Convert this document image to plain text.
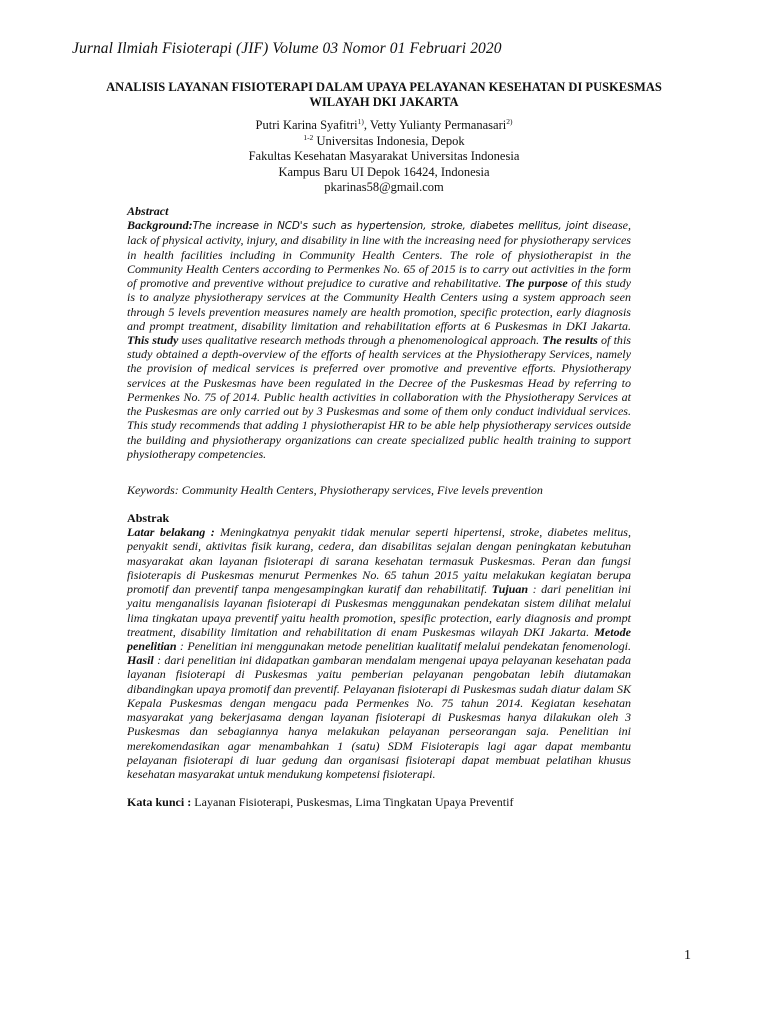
Jurnal Ilmiah Fisioterapi (JIF) Volume 03 Nomor 01 Februari 2020
ANALISIS LAYANAN FISIOTERAPI DALAM UPAYA PELAYANAN KESEHATAN DI PUSKESMAS
WILAYAH DKI JAKARTA
Putri Karina Syafitri$^{1)}$, Vetty Yulianty Permanasari$^{2)}$
$^{1-2}$ Universitas Indonesia, Depok
Fakultas Kesehatan Masyarakat Universitas Indonesia
Kampus Baru UI Depok 16424, Indonesia
pkarinas58@gmail.com
Abstract
Background:The increase in NCD's such as hypertension, stroke, diabetes mellitus, joint disease, lack of physical activity, injury, and disability in line with the increasing need for physiotherapy services in health facilities including in Community Health Centers. The role of physiotherapist in the Community Health Centers according to Permenkes No. 65 of 2015 is to carry out activities in the form of promotive and preventive without prejudice to curative and rehabilitative. The purpose of this study is to analyze physiotherapy services at the Community Health Centers using a system approach seen through 5 levels prevention measures namely are health promotion, specific protection, early diagnosis and prompt treatment, disability limitation and rehabilitation efforts at 6 Puskesmas in DKI Jakarta. This study uses qualitative research methods through a phenomenological approach. The results of this study obtained a depth-overview of the efforts of health services at the Physiotherapy Services, namely the provision of medical services is preferred over promotive and preventive efforts. Physiotherapy services at the Puskesmas have been regulated in the Decree of the Puskesmas Head by referring to Permenkes No. 75 of 2014. Public health activities in collaboration with the Physiotherapy Services at the Puskesmas are only carried out by 3 Puskesmas and some of them only conduct individual services. This study recommends that adding 1 physiotherapist HR to be able help physiotherapy services outside the building and physiotherapy organizations can create specialized public health training to support physiotherapy competencies.
Keywords: Community Health Centers, Physiotherapy services, Five levels prevention
Abstrak
Latar belakang : Meningkatnya penyakit tidak menular seperti hipertensi, stroke, diabetes melitus, penyakit sendi, aktivitas fisik kurang, cedera, dan disabilitas sejalan dengan peningkatan kebutuhan masyarakat akan layanan fisioterapi di sarana kesehatan termasuk Puskesmas. Peran dan fungsi fisioterapis di Puskesmas menurut Permenkes No. 65 tahun 2015 yaitu melakukan kegiatan berupa promotif dan preventif tanpa mengesampingkan kuratif dan rehabilitatif. Tujuan : dari penelitian ini yaitu menganalisis layanan fisioterapi di Puskesmas menggunakan pendekatan sistem dilihat melalui lima tingkatan upaya preventif yaitu health promotion, spesific protection, early diagnosis and prompt treatment, disability limitation and rehabilitation di enam Puskesmas wilayah DKI Jakarta. Metode penelitian : Penelitian ini menggunakan metode penelitian kualitatif melalui pendekatan fenomenologi. Hasil : dari penelitian ini didapatkan gambaran mendalam mengenai upaya pelayanan kesehatan pada layanan fisioterapi di Puskesmas yaitu pemberian pelayanan pengobatan lebih diutamakan dibandingkan upaya promotif dan preventif. Pelayanan fisioterapi di Puskesmas sudah diatur dalam SK Kepala Puskesmas dengan mengacu pada Permenkes No. 75 tahun 2014. Kegiatan kesehatan masyarakat yang bekerjasama dengan layanan fisioterapi di Puskesmas hanya dilakukan oleh 3 Puskesmas dan sebagiannya hanya melakukan pelayanan perseorangan saja. Penelitian ini merekomendasikan agar menambahkan 1 (satu) SDM Fisioterapis lagi agar dapat membantu pelayanan fisioterapi di luar gedung dan organisasi fisioterapi dapat membuat pelatihan khusus kesehatan masyarakat untuk mendukung kompetensi fisioterapi.
Kata kunci : Layanan Fisioterapi, Puskesmas, Lima Tingkatan Upaya Preventif
1
